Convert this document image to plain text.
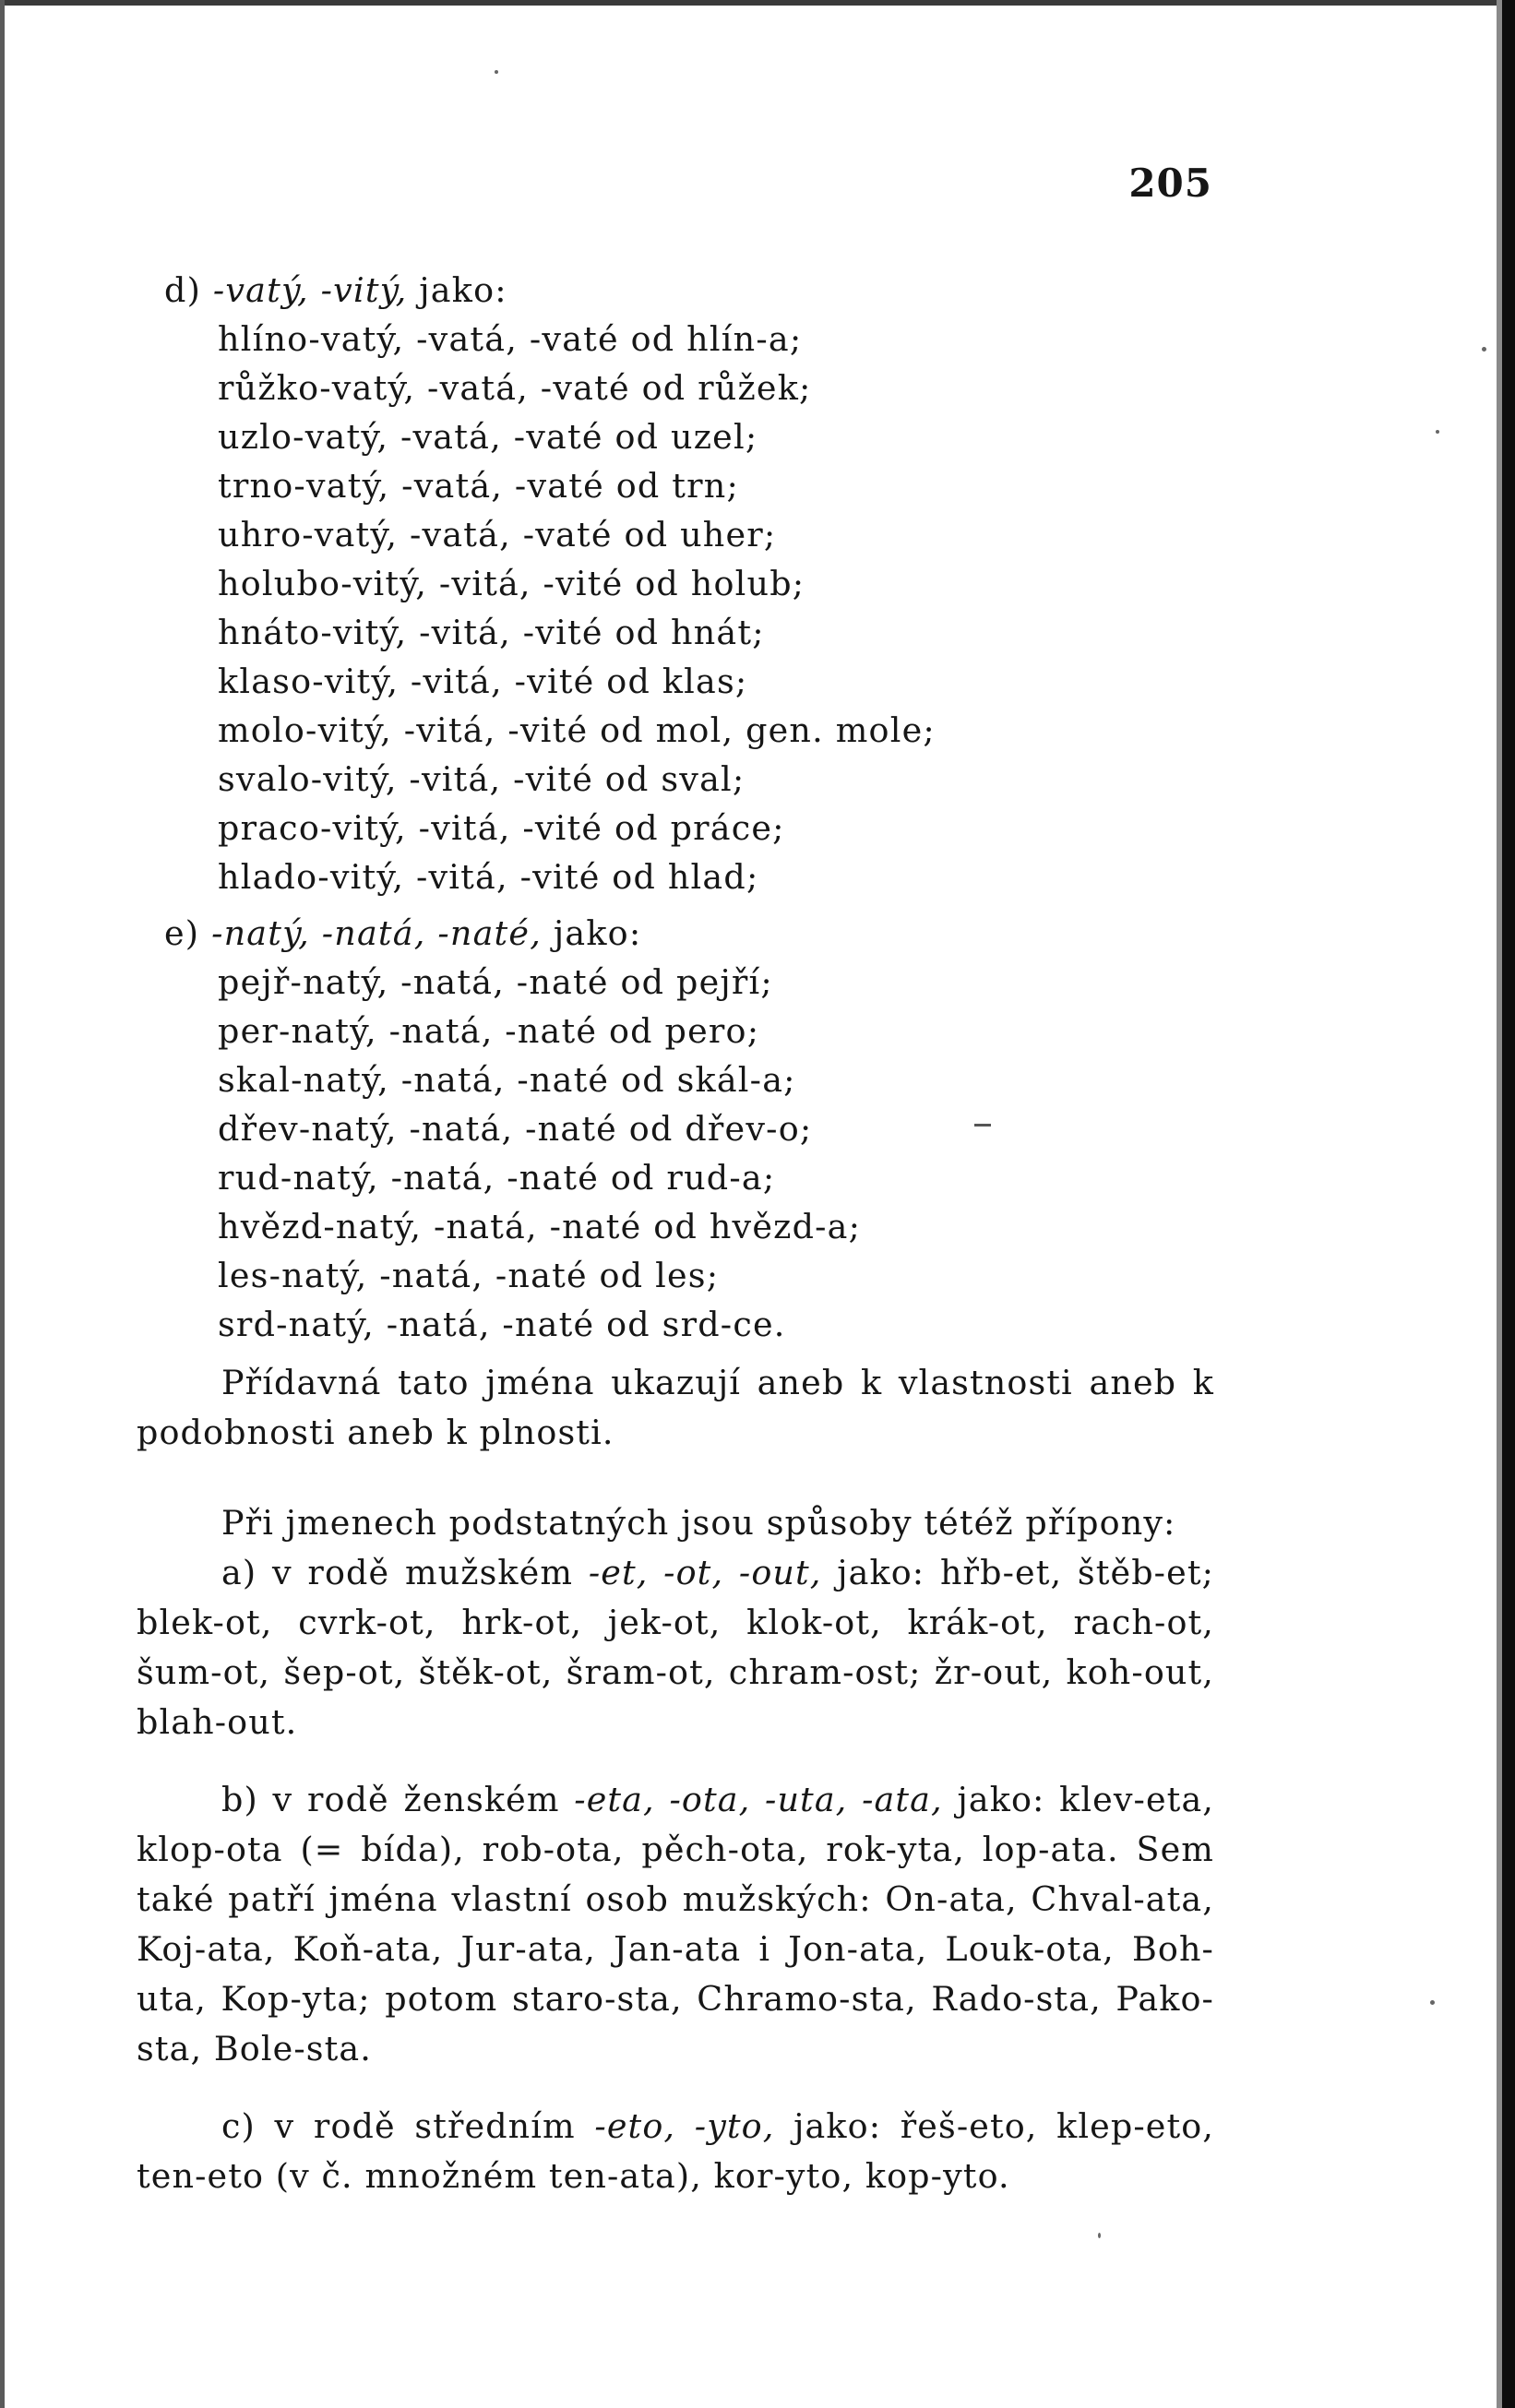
205
d) -vatý, -vitý, jako:
hlíno-vatý, -vatá, -vaté od hlín-a;
růžko-vatý, -vatá, -vaté od růžek;
uzlo-vatý, -vatá, -vaté od uzel;
trno-vatý, -vatá, -vaté od trn;
uhro-vatý, -vatá, -vaté od uher;
holubo-vitý, -vitá, -vité od holub;
hnáto-vitý, -vitá, -vité od hnát;
klaso-vitý, -vitá, -vité od klas;
molo-vitý, -vitá, -vité od mol, gen. mole;
svalo-vitý, -vitá, -vité od sval;
praco-vitý, -vitá, -vité od práce;
hlado-vitý, -vitá, -vité od hlad;
e) -natý, -natá, -naté, jako:
pejř-natý, -natá, -naté od pejří;
per-natý, -natá, -naté od pero;
skal-natý, -natá, -naté od skál-a;
dřev-natý, -natá, -naté od dřev-o;
rud-natý, -natá, -naté od rud-a;
hvězd-natý, -natá, -naté od hvězd-a;
les-natý, -natá, -naté od les;
srd-natý, -natá, -naté od srd-ce.

Přídavná tato jména ukazují aneb k vlastnosti aneb k podobnosti aneb k plnosti.

Při jmenech podstatných jsou spůsoby tétéž přípony:

a) v rodě mužském -et, -ot, -out, jako: hřb-et, štěb-et; blek-ot, cvrk-ot, hrk-ot, jek-ot, klok-ot, krák-ot, rach-ot, šum-ot, šep-ot, štěk-ot, šram-ot, chram-ost; žr-out, koh-out, blah-out.

b) v rodě ženském -eta, -ota, -uta, -ata, jako: klev-eta, klop-ota (= bída), rob-ota, pěch-ota, rok-yta, lop-ata. Sem také patří jména vlastní osob mužských: On-ata, Chval-ata, Koj-ata, Koň-ata, Jur-ata, Jan-ata i Jon-ata, Louk-ota, Boh-uta, Kop-yta; potom staro-sta, Chramo-sta, Rado-sta, Pako-sta, Bole-sta.

c) v rodě středním -eto, -yto, jako: řeš-eto, klep-eto, ten-eto (v č. množném ten-ata), kor-yto, kop-yto.
